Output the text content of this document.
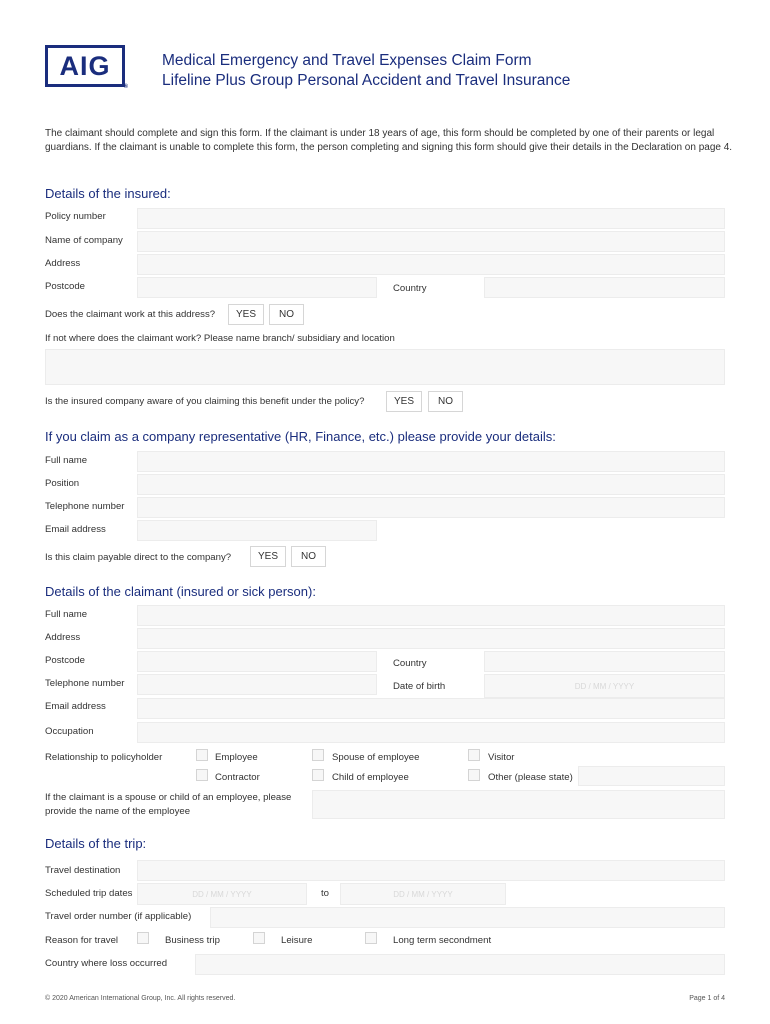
AIG
®
Medical Emergency and Travel Expenses Claim Form
Lifeline Plus Group Personal Accident and Travel Insurance
The claimant should complete and sign this form. If the claimant is under 18 years of age, this form should be completed by one of their parents or legal guardians. If the claimant is unable to complete this form, the person completing and signing this form should give their details in the Declaration on page 4.
Details of the insured:
Policy number
Name of company
Address
Postcode	Country
Does the claimant work at this address?	YES	NO
If not where does the claimant work? Please name branch/ subsidiary and location
Is the insured company aware of you claiming this benefit under the policy?	YES	NO
If you claim as a company representative (HR, Finance, etc.) please provide your details:
Full name
Position
Telephone number
Email address
Is this claim payable direct to the company?	YES	NO
Details of the claimant (insured or sick person):
Full name
Address
Postcode	Country
Telephone number	Date of birth	DD / MM / YYYY
Email address
Occupation
Relationship to policyholder	Employee	Spouse of employee	Visitor
Contractor	Child of employee	Other (please state)
If the claimant is a spouse or child of an employee, please
provide the name of the employee
Details of the trip:
Travel destination
Scheduled trip dates	DD / MM / YYYY	to	DD / MM / YYYY
Travel order number (if applicable)
Reason for travel	Business trip	Leisure	Long term secondment
Country where loss occurred
© 2020 American International Group, Inc. All rights reserved.	Page 1 of 4
